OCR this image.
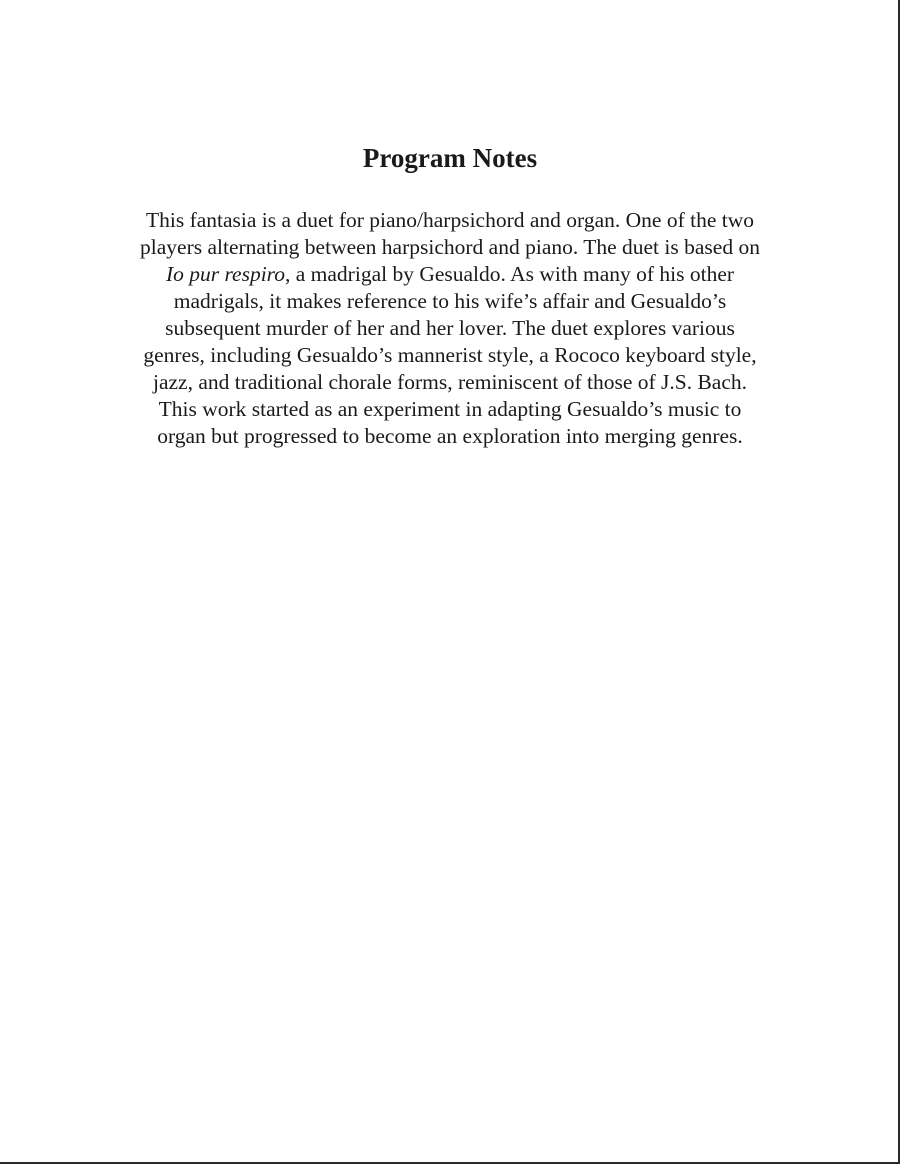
Program Notes

This fantasia is a duet for piano/harpsichord and organ. One of the two
players alternating between harpsichord and piano. The duet is based on
Io pur respiro, a madrigal by Gesualdo. As with many of his other
madrigals, it makes reference to his wife’s affair and Gesualdo’s
subsequent murder of her and her lover. The duet explores various
genres, including Gesualdo’s mannerist style, a Rococo keyboard style,
jazz, and traditional chorale forms, reminiscent of those of J.S. Bach.
This work started as an experiment in adapting Gesualdo’s music to
organ but progressed to become an exploration into merging genres.
